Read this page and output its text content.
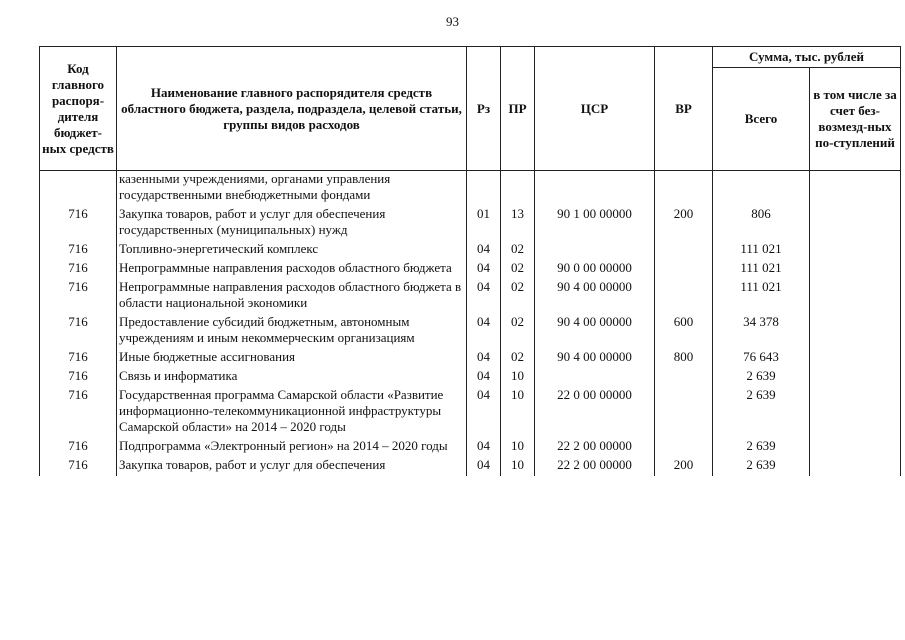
93
Код главного распоря-дителя бюджет-ных средств	Наименование главного распорядителя средств областного бюджета, раздела, подраздела, целевой статьи, группы видов расходов	Рз	ПР	ЦСР	ВР	Сумма, тыс. рублей	
						Всего	в том числе за счет без-возмезд-ных по-ступлений
	казенными учреждениями, органами управления государственными внебюджетными фондами						
716	Закупка товаров, работ и услуг для обеспечения государственных (муниципальных) нужд	01	13	90 1 00 00000	200	806	
716	Топливно-энергетический комплекс	04	02			111 021	
716	Непрограммные направления расходов областного бюджета	04	02	90 0 00 00000		111 021	
716	Непрограммные направления расходов областного бюджета в области национальной экономики	04	02	90 4 00 00000		111 021	
716	Предоставление субсидий бюджетным, автономным учреждениям и иным некоммерческим организациям	04	02	90 4 00 00000	600	34 378	
716	Иные бюджетные ассигнования	04	02	90 4 00 00000	800	76 643	
716	Связь и информатика	04	10			2 639	
716	Государственная программа Самарской области «Развитие информационно-телекоммуникационной инфраструктуры Самарской области» на 2014 – 2020 годы	04	10	22 0 00 00000		2 639	
716	Подпрограмма «Электронный регион» на 2014 – 2020 годы	04	10	22 2 00 00000		2 639	
716	Закупка товаров, работ и услуг для обеспечения	04	10	22 2 00 00000	200	2 639	
